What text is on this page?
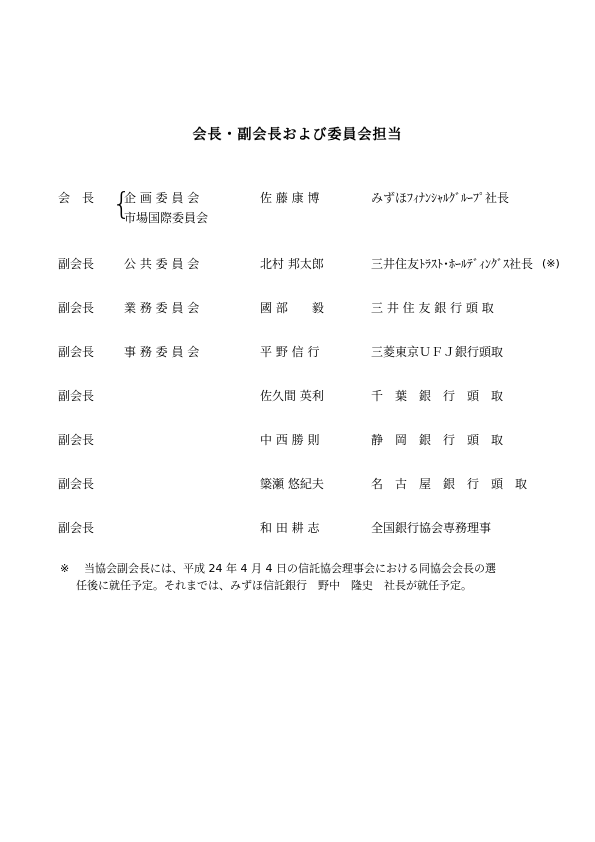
会長・副会長および委員会担当
{
会　長 企 画 委 員 会	佐 藤 康 博	みずほﾌｨﾅﾝｼｬﾙｸﾞﾙｰﾌﾟ社長
市場国際委員会
副会長 公 共 委 員 会	北村 邦太郎	三井住友ﾄﾗｽﾄ･ﾎｰﾙﾃﾞｨﾝｸﾞｽ社長 (※)
副会長 業 務 委 員 会	國 部　　毅	三 井 住 友 銀 行 頭 取
副会長 事 務 委 員 会	平 野 信 行	三菱東京ＵＦＪ銀行頭取
副会長	佐久間 英利	千　葉　銀　行　頭　取
副会長	中 西 勝 則	静　岡　銀　行　頭　取
副会長	簗瀬 悠紀夫	名　古　屋　銀　行　頭　取
副会長	和 田 耕 志	全国銀行協会専務理事
※ 当協会副会長には、平成 24 年 4 月 4 日の信託協会理事会における同協会会長の選
任後に就任予定。それまでは、みずほ信託銀行　野中　隆史　社長が就任予定。
